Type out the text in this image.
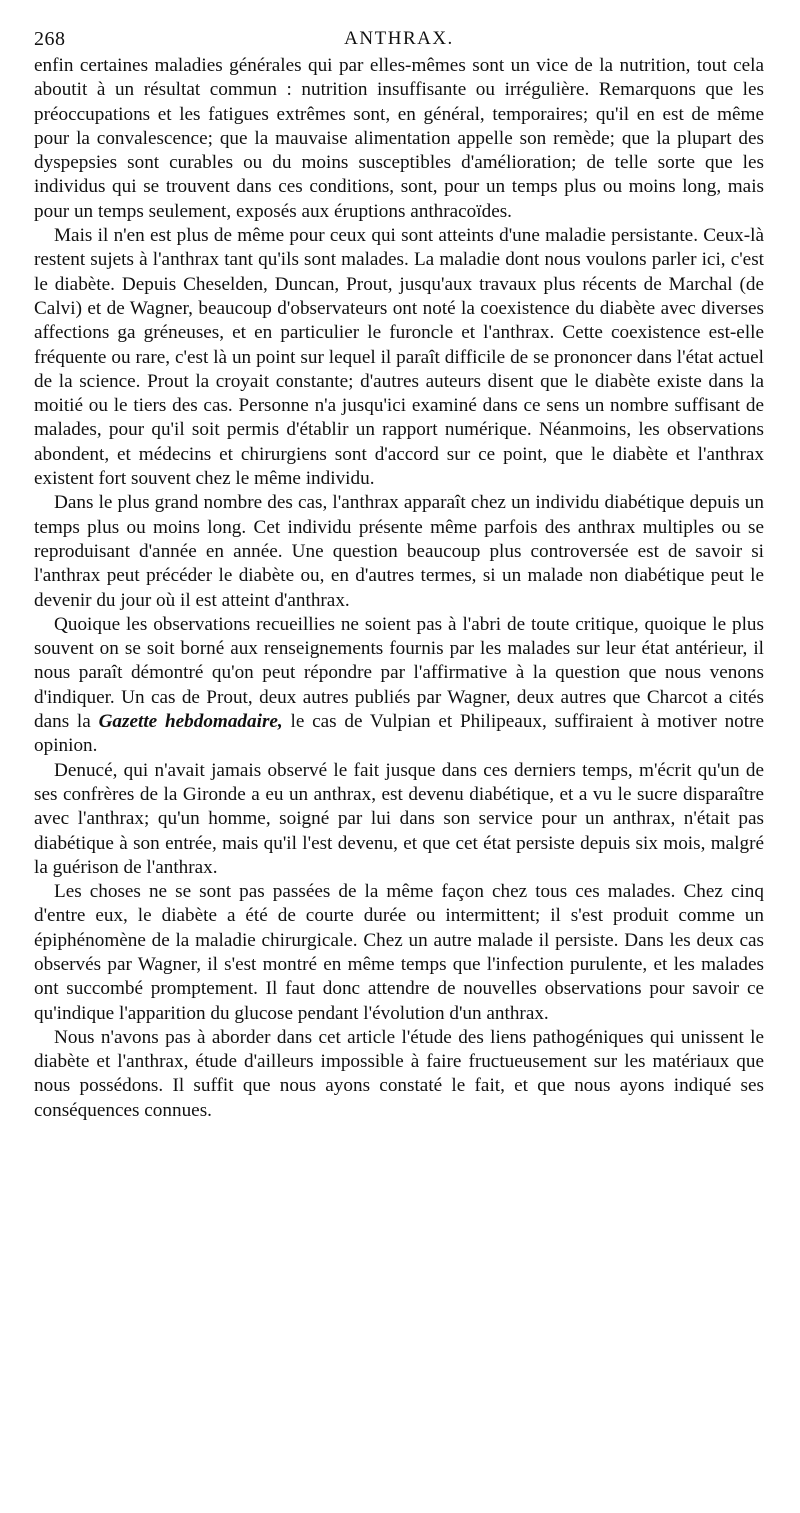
268	ANTHRAX.

enfin certaines maladies générales qui par elles-mêmes sont un vice de la nutrition, tout cela aboutit à un résultat commun : nutrition insuffisante ou irrégulière. Remarquons que les préoccupations et les fatigues extrêmes sont, en général, temporaires; qu'il en est de même pour la convalescence; que la mauvaise alimentation appelle son remède; que la plupart des dyspepsies sont curables ou du moins susceptibles d'amélioration; de telle sorte que les individus qui se trouvent dans ces conditions, sont, pour un temps plus ou moins long, mais pour un temps seulement, exposés aux éruptions anthracoïdes.

Mais il n'en est plus de même pour ceux qui sont atteints d'une maladie persistante. Ceux-là restent sujets à l'anthrax tant qu'ils sont malades. La maladie dont nous voulons parler ici, c'est le diabète. Depuis Cheselden, Duncan, Prout, jusqu'aux travaux plus récents de Marchal (de Calvi) et de Wagner, beaucoup d'observateurs ont noté la coexistence du diabète avec diverses affections ga gréneuses, et en particulier le furoncle et l'anthrax. Cette coexistence est-elle fréquente ou rare, c'est là un point sur lequel il paraît difficile de se prononcer dans l'état actuel de la science. Prout la croyait constante; d'autres auteurs disent que le diabète existe dans la moitié ou le tiers des cas. Personne n'a jusqu'ici examiné dans ce sens un nombre suffisant de malades, pour qu'il soit permis d'établir un rapport numérique. Néanmoins, les observations abondent, et médecins et chirurgiens sont d'accord sur ce point, que le diabète et l'anthrax existent fort souvent chez le même individu.

Dans le plus grand nombre des cas, l'anthrax apparaît chez un individu diabétique depuis un temps plus ou moins long. Cet individu présente même parfois des anthrax multiples ou se reproduisant d'année en année. Une question beaucoup plus controversée est de savoir si l'anthrax peut précéder le diabète ou, en d'autres termes, si un malade non diabétique peut le devenir du jour où il est atteint d'anthrax.

Quoique les observations recueillies ne soient pas à l'abri de toute critique, quoique le plus souvent on se soit borné aux renseignements fournis par les malades sur leur état antérieur, il nous paraît démontré qu'on peut répondre par l'affirmative à la question que nous venons d'indiquer. Un cas de Prout, deux autres publiés par Wagner, deux autres que Charcot a cités dans la Gazette hebdomadaire, le cas de Vulpian et Philipeaux, suffiraient à motiver notre opinion.

Denucé, qui n'avait jamais observé le fait jusque dans ces derniers temps, m'écrit qu'un de ses confrères de la Gironde a eu un anthrax, est devenu diabétique, et a vu le sucre disparaître avec l'anthrax; qu'un homme, soigné par lui dans son service pour un anthrax, n'était pas diabétique à son entrée, mais qu'il l'est devenu, et que cet état persiste depuis six mois, malgré la guérison de l'anthrax.

Les choses ne se sont pas passées de la même façon chez tous ces malades. Chez cinq d'entre eux, le diabète a été de courte durée ou intermittent; il s'est produit comme un épiphénomène de la maladie chirurgicale. Chez un autre malade il persiste. Dans les deux cas observés par Wagner, il s'est montré en même temps que l'infection purulente, et les malades ont succombé promptement. Il faut donc attendre de nouvelles observations pour savoir ce qu'indique l'apparition du glucose pendant l'évolution d'un anthrax.

Nous n'avons pas à aborder dans cet article l'étude des liens pathogéniques qui unissent le diabète et l'anthrax, étude d'ailleurs impossible à faire fructueusement sur les matériaux que nous possédons. Il suffit que nous ayons constaté le fait, et que nous ayons indiqué ses conséquences connues.
